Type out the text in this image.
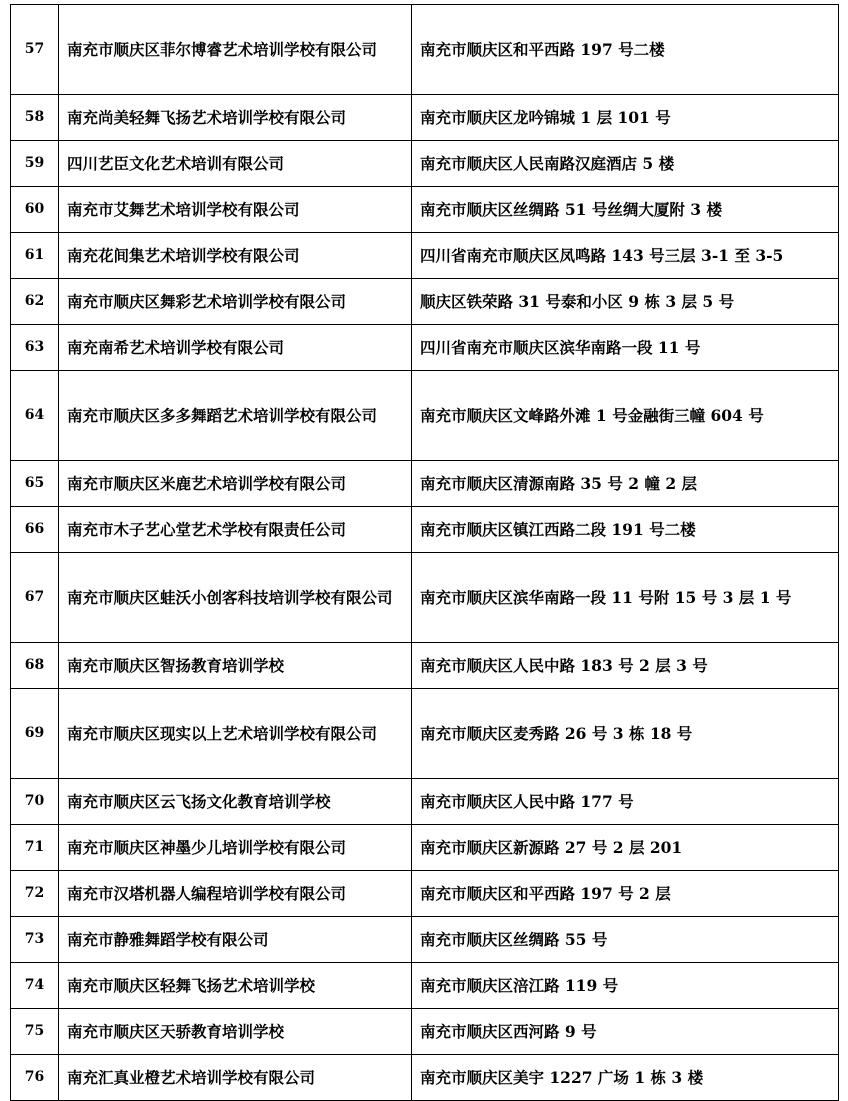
57	南充市顺庆区菲尔博睿艺术培训学校有限公司	南充市顺庆区和平西路 197 号二楼
58	南充尚美轻舞飞扬艺术培训学校有限公司	南充市顺庆区龙吟锦城 1 层 101 号
59	四川艺臣文化艺术培训有限公司	南充市顺庆区人民南路汉庭酒店 5 楼
60	南充市艾舞艺术培训学校有限公司	南充市顺庆区丝绸路 51 号丝绸大厦附 3 楼
61	南充花间集艺术培训学校有限公司	四川省南充市顺庆区凤鸣路 143 号三层 3-1 至 3-5
62	南充市顺庆区舞彩艺术培训学校有限公司	顺庆区铁荣路 31 号泰和小区 9 栋 3 层 5 号
63	南充南希艺术培训学校有限公司	四川省南充市顺庆区滨华南路一段 11 号
64	南充市顺庆区多多舞蹈艺术培训学校有限公司	南充市顺庆区文峰路外滩 1 号金融街三幢 604 号
65	南充市顺庆区米鹿艺术培训学校有限公司	南充市顺庆区清源南路 35 号 2 幢 2 层
66	南充市木子艺心堂艺术学校有限责任公司	南充市顺庆区镇江西路二段 191 号二楼
67	南充市顺庆区蛙沃小创客科技培训学校有限公司	南充市顺庆区滨华南路一段 11 号附 15 号 3 层 1 号
68	南充市顺庆区智扬教育培训学校	南充市顺庆区人民中路 183 号 2 层 3 号
69	南充市顺庆区现实以上艺术培训学校有限公司	南充市顺庆区麦秀路 26 号 3 栋 18 号
70	南充市顺庆区云飞扬文化教育培训学校	南充市顺庆区人民中路 177 号
71	南充市顺庆区神墨少儿培训学校有限公司	南充市顺庆区新源路 27 号 2 层 201
72	南充市汉塔机器人编程培训学校有限公司	南充市顺庆区和平西路 197 号 2 层
73	南充市静雅舞蹈学校有限公司	南充市顺庆区丝绸路 55 号
74	南充市顺庆区轻舞飞扬艺术培训学校	南充市顺庆区涪江路 119 号
75	南充市顺庆区天骄教育培训学校	南充市顺庆区西河路 9 号
76	南充汇真业橙艺术培训学校有限公司	南充市顺庆区美宇 1227 广场 1 栋 3 楼
